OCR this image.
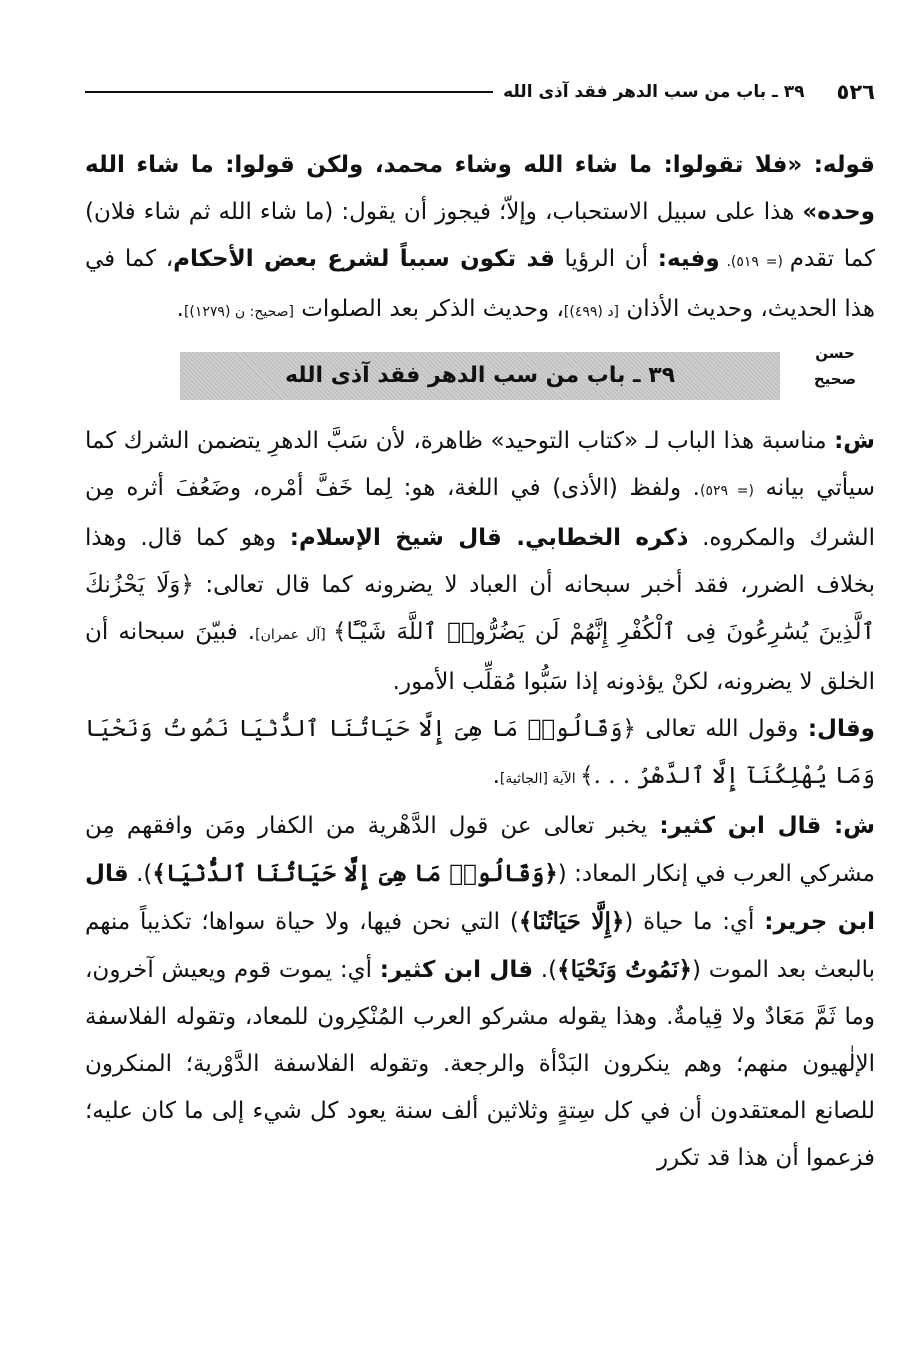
٥٢٦
٣٩ ـ باب من سب الدهر فقد آذى الله
حسن
صحيح

قوله: «فلا تقولوا: ما شاء الله وشاء محمد، ولكن قولوا: ما شاء الله وحده» هذا على سبيل الاستحباب، وإلاّ؛ فيجوز أن يقول: (ما شاء الله ثم شاء فلان) كما تقدم (= ٥١٩). وفيه: أن الرؤيا قد تكون سبباً لشرع بعض الأحكام، كما في هذا الحديث، وحديث الأذان [د (٤٩٩)]، وحديث الذكر بعد الصلوات [صحيح: ن (١٢٧٩)].

٣٩ ـ باب من سب الدهر فقد آذى الله

ش: مناسبة هذا الباب لـ «كتاب التوحيد» ظاهرة، لأن سَبَّ الدهرِ يتضمن الشرك كما سيأتي بيانه (= ٥٢٩). ولفظ (الأذى) في اللغة، هو: لِما خَفَّ أمْره، وضَعُفَ أثره مِن الشرك والمكروه. ذكره الخطابي. قال شيخ الإسلام: وهو كما قال. وهذا بخلاف الضرر، فقد أخبر سبحانه أن العباد لا يضرونه كما قال تعالى: ﴿وَلَا يَحْزُنكَ ٱلَّذِينَ يُسَٰرِعُونَ فِى ٱلْكُفْرِ إِنَّهُمْ لَن يَضُرُّوا۟ ٱللَّهَ شَيْـًٔا﴾ [آل عمران]. فبيّنَ سبحانه أن الخلق لا يضرونه، لكنْ يؤذونه إذا سَبُّوا مُقلِّب الأمور.

وقال: وقول الله تعالى ﴿وَقَالُوا۟ مَا هِىَ إِلَّا حَيَاتُنَا ٱلدُّنْيَا نَمُوتُ وَنَحْيَا وَمَا يُهْلِكُنَآ إِلَّا ٱلدَّهْرُ . . .﴾ الآية [الجاثية].

ش: قال ابن كثير: يخبر تعالى عن قول الدَّهْرية من الكفار ومَن وافقهم مِن مشركي العرب في إنكار المعاد: (﴿وَقَالُوا۟ مَا هِىَ إِلَّا حَيَاتُنَا ٱلدُّنْيَا﴾). قال ابن جرير: أي: ما حياة (﴿إِلَّا حَيَاتُنَا﴾) التي نحن فيها، ولا حياة سواها؛ تكذيباً منهم بالبعث بعد الموت (﴿نَمُوتُ وَنَحْيَا﴾). قال ابن كثير: أي: يموت قوم ويعيش آخرون، وما ثَمَّ مَعَادٌ ولا قِيامةٌ. وهذا يقوله مشركو العرب المُنْكِرون للمعاد، وتقوله الفلاسفة الإلٰهيون منهم؛ وهم ينكرون البَدْأة والرجعة. وتقوله الفلاسفة الدَّوْرية؛ المنكرون للصانع المعتقدون أن في كل سِتةٍ وثلاثين ألف سنة يعود كل شيء إلى ما كان عليه؛ فزعموا أن هذا قد تكرر
